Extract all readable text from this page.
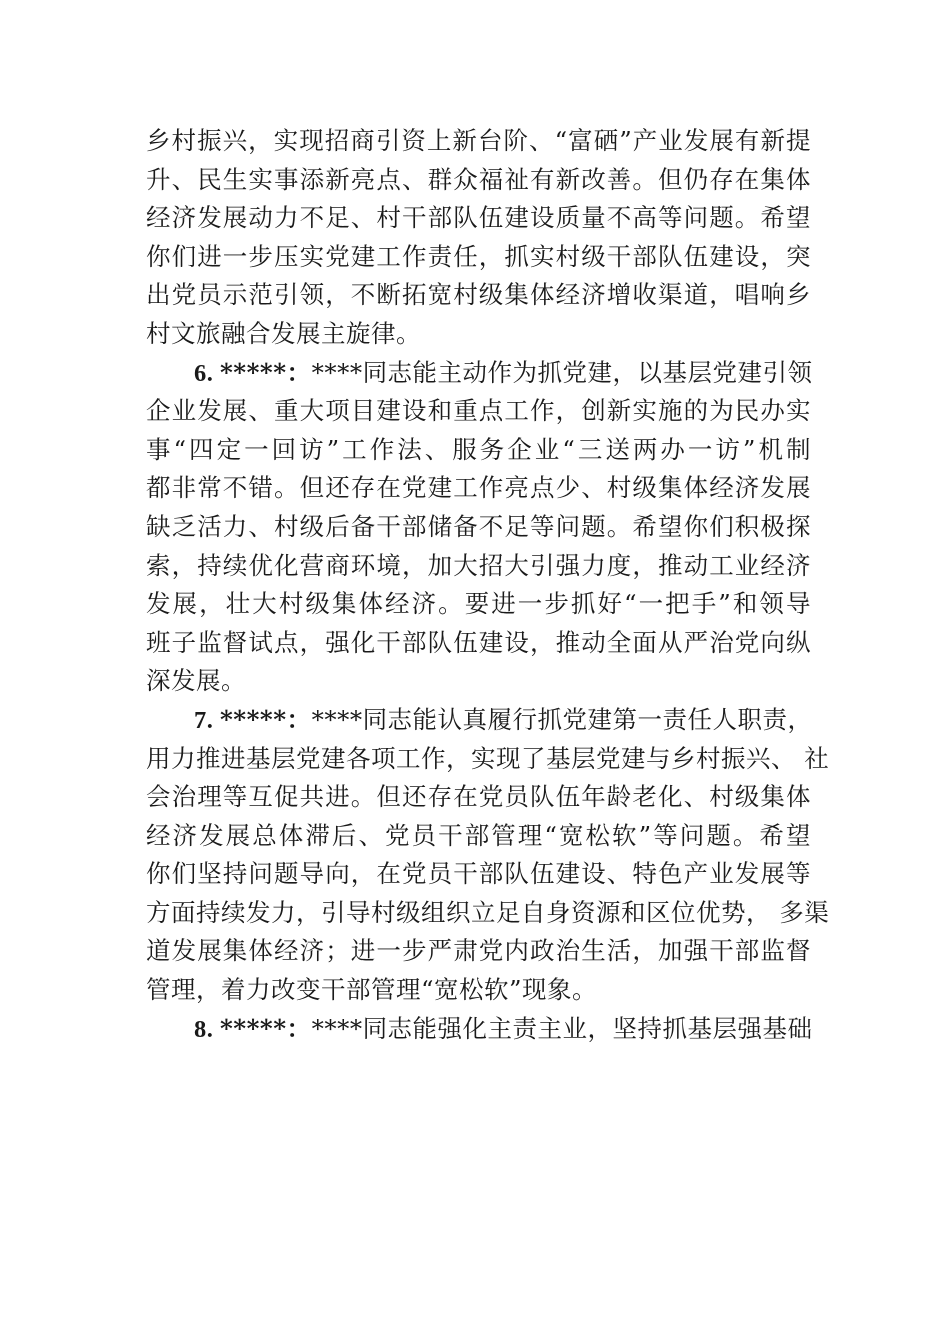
乡村振兴，实现招商引资上新台阶、“富硒”产业发展有新提
升、民生实事添新亮点、群众福祉有新改善。但仍存在集体
经济发展动力不足、村干部队伍建设质量不高等问题。希望
你们进一步压实党建工作责任，抓实村级干部队伍建设，突
出党员示范引领，不断拓宽村级集体经济增收渠道，唱响乡
村文旅融合发展主旋律。
6. *****：****同志能主动作为抓党建，以基层党建引领
企业发展、重大项目建设和重点工作，创新实施的为民办实
事“四定一回访”工作法、服务企业“三送两办一访”机制
都非常不错。但还存在党建工作亮点少、村级集体经济发展
缺乏活力、村级后备干部储备不足等问题。希望你们积极探
索，持续优化营商环境，加大招大引强力度，推动工业经济
发展，壮大村级集体经济。要进一步抓好“一把手”和领导
班子监督试点，强化干部队伍建设，推动全面从严治党向纵
深发展。
7. *****：****同志能认真履行抓党建第一责任人职责，
用力推进基层党建各项工作，实现了基层党建与乡村振兴、 社
会治理等互促共进。但还存在党员队伍年龄老化、村级集体
经济发展总体滞后、党员干部管理“宽松软”等问题。希望
你们坚持问题导向，在党员干部队伍建设、特色产业发展等
方面持续发力，引导村级组织立足自身资源和区位优势， 多渠
道发展集体经济；进一步严肃党内政治生活，加强干部监督
管理，着力改变干部管理“宽松软”现象。
8. *****：****同志能强化主责主业，坚持抓基层强基础
